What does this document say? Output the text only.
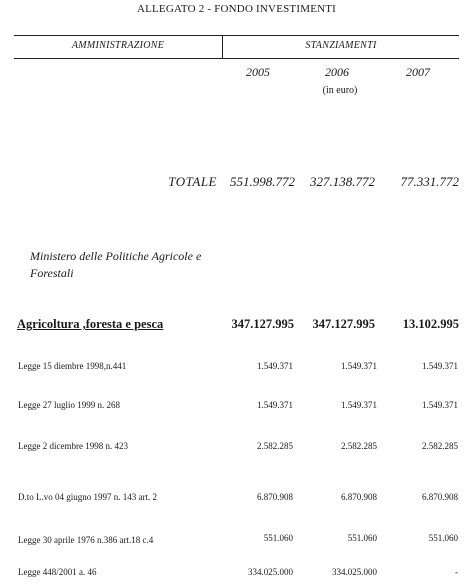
ALLEGATO 2 - FONDO INVESTIMENTI
AMMINISTRAZIONE	STANZIAMENTI
2005	2006	2007
(in euro)
TOTALE 551.998.772 327.138.772 77.331.772
Ministero delle Politiche Agricole e Forestali
Agricoltura ,foresta e pesca	347.127.995 347.127.995 13.102.995
Legge 15 diembre 1998,n.441	1.549.371	1.549.371	1.549.371
Legge 27 luglio 1999 n. 268	1.549.371	1.549.371	1.549.371
Legge 2 dicembre 1998 n. 423	2.582.285	2.582.285	2.582.285
D.to L.vo 04 giugno 1997 n. 143 art. 2	6.870.908	6.870.908	6.870.908
Legge 30 aprile 1976 n.386 art.18 c.4	551.060	551.060	551.060
Legge 448/2001 a. 46	334.025.000	334.025.000	-
